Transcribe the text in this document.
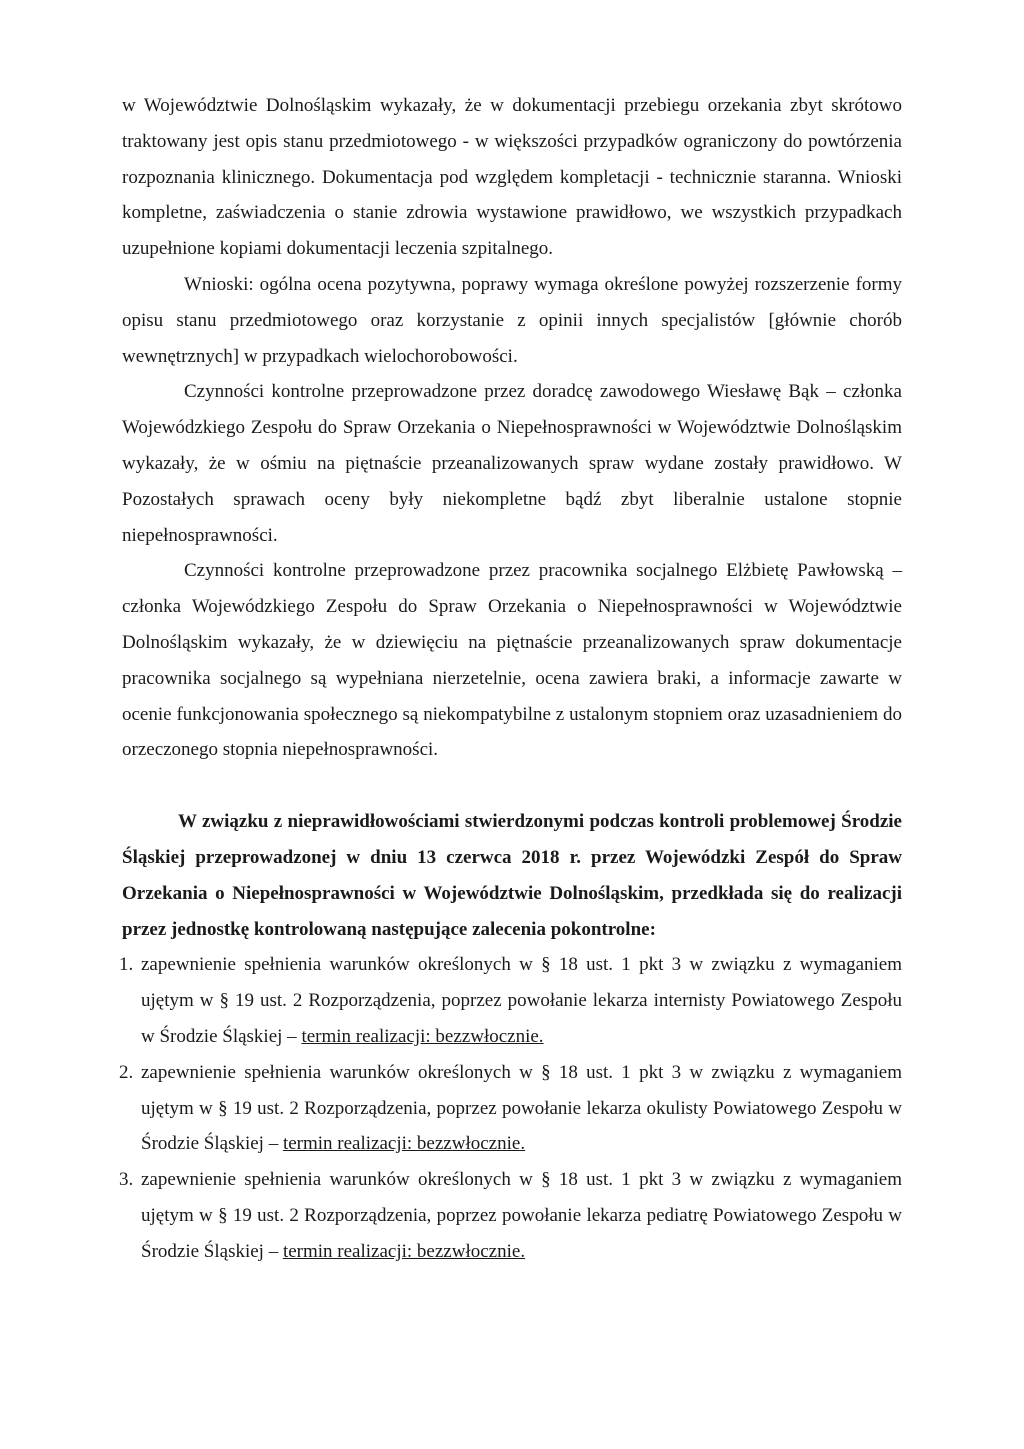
w Województwie Dolnośląskim wykazały, że w dokumentacji przebiegu orzekania zbyt skrótowo traktowany jest opis stanu przedmiotowego - w większości przypadków ograniczony do powtórzenia rozpoznania klinicznego. Dokumentacja pod względem kompletacji - technicznie staranna. Wnioski kompletne, zaświadczenia o stanie zdrowia wystawione prawidłowo, we wszystkich przypadkach uzupełnione kopiami dokumentacji leczenia szpitalnego.

Wnioski: ogólna ocena pozytywna, poprawy wymaga określone powyżej rozszerzenie formy opisu stanu przedmiotowego oraz korzystanie z opinii innych specjalistów [głównie chorób wewnętrznych] w przypadkach wielochorobowości.

Czynności kontrolne przeprowadzone przez doradcę zawodowego Wiesławę Bąk – członka Wojewódzkiego Zespołu do Spraw Orzekania o Niepełnosprawności w Województwie Dolnośląskim wykazały, że w ośmiu na piętnaście przeanalizowanych spraw wydane zostały prawidłowo. W Pozostałych sprawach oceny były niekompletne bądź zbyt liberalnie ustalone stopnie niepełnosprawności.

Czynności kontrolne przeprowadzone przez pracownika socjalnego Elżbietę Pawłowską – członka Wojewódzkiego Zespołu do Spraw Orzekania o Niepełnosprawności w Województwie Dolnośląskim wykazały, że w dziewięciu na piętnaście przeanalizowanych spraw dokumentacje pracownika socjalnego są wypełniana nierzetelnie, ocena zawiera braki, a informacje zawarte w ocenie funkcjonowania społecznego są niekompatybilne z ustalonym stopniem oraz uzasadnieniem do orzeczonego stopnia niepełnosprawności.

W związku z nieprawidłowościami stwierdzonymi podczas kontroli problemowej Środzie Śląskiej przeprowadzonej w dniu 13 czerwca 2018 r. przez Wojewódzki Zespół do Spraw Orzekania o Niepełnosprawności w Województwie Dolnośląskim, przedkłada się do realizacji przez jednostkę kontrolowaną następujące zalecenia pokontrolne:

1. zapewnienie spełnienia warunków określonych w § 18 ust. 1 pkt 3 w związku z wymaganiem ujętym w § 19 ust. 2 Rozporządzenia, poprzez powołanie lekarza internisty Powiatowego Zespołu w Środzie Śląskiej – termin realizacji: bezzwłocznie.
2. zapewnienie spełnienia warunków określonych w § 18 ust. 1 pkt 3 w związku z wymaganiem ujętym w § 19 ust. 2 Rozporządzenia, poprzez powołanie lekarza okulisty Powiatowego Zespołu w Środzie Śląskiej – termin realizacji: bezzwłocznie.
3. zapewnienie spełnienia warunków określonych w § 18 ust. 1 pkt 3 w związku z wymaganiem ujętym w § 19 ust. 2 Rozporządzenia, poprzez powołanie lekarza pediatrę Powiatowego Zespołu w Środzie Śląskiej – termin realizacji: bezzwłocznie.
